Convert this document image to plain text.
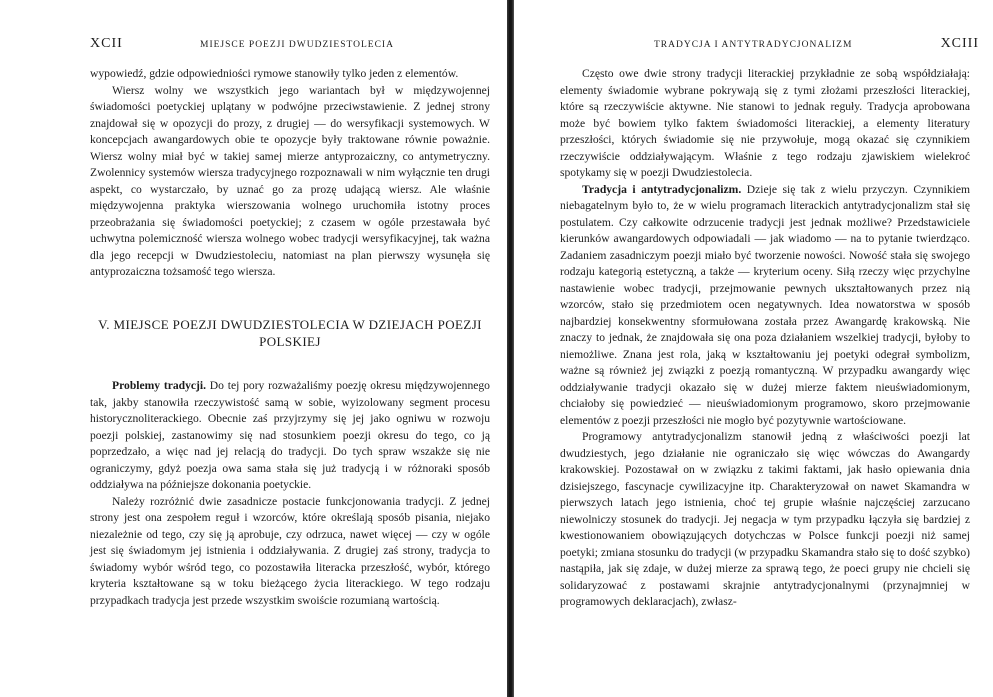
XCII	MIEJSCE POEZJI DWUDZIESTOLECIA

wypowiedź, gdzie odpowiedniości rymowe stanowiły tylko jeden z elementów.

Wiersz wolny we wszystkich jego wariantach był w międzywojennej świadomości poetyckiej uplątany w podwójne przeciwstawienie. Z jednej strony znajdował się w opozycji do prozy, z drugiej — do wersyfikacji systemowych. W koncepcjach awangardowych obie te opozycje były traktowane równie poważnie. Wiersz wolny miał być w takiej samej mierze antyprozaiczny, co antymetryczny. Zwolennicy systemów wiersza tradycyjnego rozpoznawali w nim wyłącznie ten drugi aspekt, co wystarczało, by uznać go za prozę udającą wiersz. Ale właśnie międzywojenna praktyka wierszowania wolnego uruchomiła istotny proces przeobrażania się świadomości poetyckiej; z czasem w ogóle przestawała być uchwytna polemiczność wiersza wolnego wobec tradycji wersyfikacyjnej, tak ważna dla jego recepcji w Dwudziestoleciu, natomiast na plan pierwszy wysunęła się antyprozaiczna tożsamość tego wiersza.

V. MIEJSCE POEZJI DWUDZIESTOLECIA W DZIEJACH POEZJI POLSKIEJ

Problemy tradycji. Do tej pory rozważaliśmy poezję okresu międzywojennego tak, jakby stanowiła rzeczywistość samą w sobie, wyizolowany segment procesu historycznoliterackiego. Obecnie zaś przyjrzymy się jej jako ogniwu w rozwoju poezji polskiej, zastanowimy się nad stosunkiem poezji okresu do tego, co ją poprzedzało, a więc nad jej relacją do tradycji. Do tych spraw wszakże się nie ograniczymy, gdyż poezja owa sama stała się już tradycją i w różnoraki sposób oddziaływa na późniejsze dokonania poetyckie.

Należy rozróżnić dwie zasadnicze postacie funkcjonowania tradycji. Z jednej strony jest ona zespołem reguł i wzorców, które określają sposób pisania, niejako niezależnie od tego, czy się ją aprobuje, czy odrzuca, nawet więcej — czy w ogóle jest się świadomym jej istnienia i oddziaływania. Z drugiej zaś strony, tradycja to świadomy wybór wśród tego, co pozostawiła literacka przeszłość, wybór, którego kryteria kształtowane są w toku bieżącego życia literackiego. W tego rodzaju przypadkach tradycja jest przede wszystkim swoiście rozumianą wartością.

TRADYCJA I ANTYTRADYCJONALIZM	XCIII

Często owe dwie strony tradycji literackiej przykładnie ze sobą współdziałają: elementy świadomie wybrane pokrywają się z tymi złożami przeszłości literackiej, które są rzeczywiście aktywne. Nie stanowi to jednak reguły. Tradycja aprobowana może być bowiem tylko faktem świadomości literackiej, a elementy literatury przeszłości, których świadomie się nie przywołuje, mogą okazać się czynnikiem rzeczywiście oddziaływającym. Właśnie z tego rodzaju zjawiskiem wielekroć spotykamy się w poezji Dwudziestolecia.

Tradycja i antytradycjonalizm. Dzieje się tak z wielu przyczyn. Czynnikiem niebagatelnym było to, że w wielu programach literackich antytradycjonalizm stał się postulatem. Czy całkowite odrzucenie tradycji jest jednak możliwe? Przedstawiciele kierunków awangardowych odpowiadali — jak wiadomo — na to pytanie twierdząco. Zadaniem zasadniczym poezji miało być tworzenie nowości. Nowość stała się swojego rodzaju kategorią estetyczną, a także — kryterium oceny. Siłą rzeczy więc przychylne nastawienie wobec tradycji, przejmowanie pewnych ukształtowanych przez nią wzorców, stało się przedmiotem ocen negatywnych. Idea nowatorstwa w sposób najbardziej konsekwentny sformułowana została przez Awangardę krakowską. Nie znaczy to jednak, że znajdowała się ona poza działaniem wszelkiej tradycji, byłoby to niemożliwe. Znana jest rola, jaką w kształtowaniu jej poetyki odegrał symbolizm, ważne są również jej związki z poezją romantyczną. W przypadku awangardy więc oddziaływanie tradycji okazało się w dużej mierze faktem nieuświadomionym, chciałoby się powiedzieć — nieuświadomionym programowo, skoro przejmowanie elementów z poezji przeszłości nie mogło być pozytywnie wartościowane.

Programowy antytradycjonalizm stanowił jedną z właściwości poezji lat dwudziestych, jego działanie nie ograniczało się więc wówczas do Awangardy krakowskiej. Pozostawał on w związku z takimi faktami, jak hasło opiewania dnia dzisiejszego, fascynacje cywilizacyjne itp. Charakteryzował on nawet Skamandra w pierwszych latach jego istnienia, choć tej grupie właśnie najczęściej zarzucano niewolniczy stosunek do tradycji. Jej negacja w tym przypadku łączyła się bardziej z kwestionowaniem obowiązujących dotychczas w Polsce funkcji poezji niż samej poetyki; zmiana stosunku do tradycji (w przypadku Skamandra stało się to dość szybko) nastąpiła, jak się zdaje, w dużej mierze za sprawą tego, że poeci grupy nie chcieli się solidaryzować z postawami skrajnie antytradycjonalnymi (przynajmniej w programowych deklaracjach), zwłasz-
